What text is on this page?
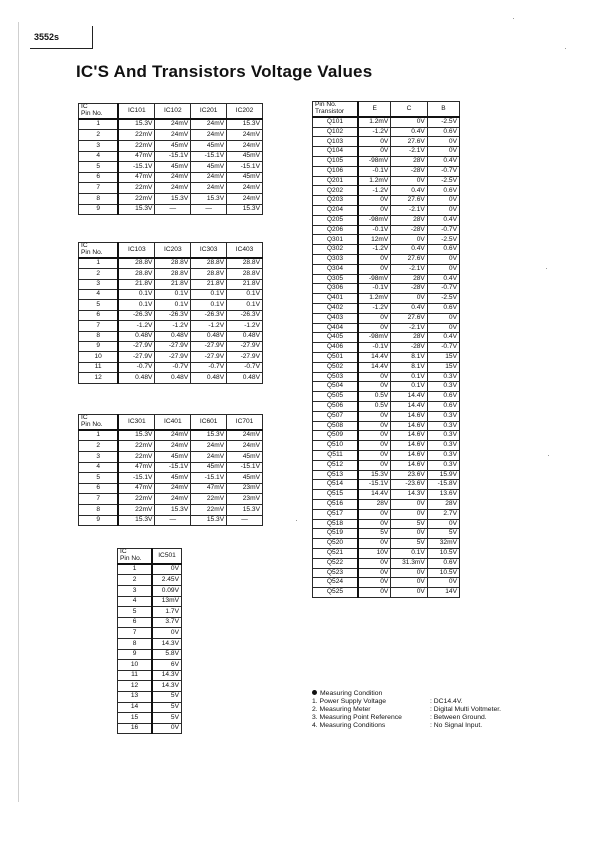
3552s
IC'S And Transistors Voltage Values
IC
Pin No.	IC101	IC102	IC201	IC202
1	15.3V	24mV	24mV	15.3V
2	22mV	24mV	24mV	24mV
3	22mV	45mV	45mV	24mV
4	47mV	-15.1V	-15.1V	45mV
5	-15.1V	45mV	45mV	-15.1V
6	47mV	24mV	24mV	45mV
7	22mV	24mV	24mV	24mV
8	22mV	15.3V	15.3V	24mV
9	15.3V	—	—	15.3V
IC
Pin No.	IC103	IC203	IC303	IC403
1	28.8V	28.8V	28.8V	28.8V
2	28.8V	28.8V	28.8V	28.8V
3	21.8V	21.8V	21.8V	21.8V
4	0.1V	0.1V	0.1V	0.1V
5	0.1V	0.1V	0.1V	0.1V
6	-26.3V	-26.3V	-26.3V	-26.3V
7	-1.2V	-1.2V	-1.2V	-1.2V
8	0.48V	0.48V	0.48V	0.48V
9	-27.9V	-27.9V	-27.9V	-27.9V
10	-27.9V	-27.9V	-27.9V	-27.9V
11	-0.7V	-0.7V	-0.7V	-0.7V
12	0.48V	0.48V	0.48V	0.48V
IC
Pin No.	IC301	IC401	IC601	IC701
1	15.3V	24mV	15.3V	24mV
2	22mV	24mV	24mV	24mV
3	22mV	45mV	24mV	45mV
4	47mV	-15.1V	45mV	-15.1V
5	-15.1V	45mV	-15.1V	45mV
6	47mV	24mV	47mV	23mV
7	22mV	24mV	22mV	23mV
8	22mV	15.3V	22mV	15.3V
9	15.3V	—	15.3V	—
IC
Pin No.	IC501
1	0V
2	2.45V
3	0.09V
4	13mV
5	1.7V
6	3.7V
7	0V
8	14.3V
9	5.8V
10	6V
11	14.3V
12	14.3V
13	5V
14	5V
15	5V
16	0V
Pin No.
Transistor	E	C	B
Q101	1.2mV	0V	-2.5V
Q102	-1.2V	0.4V	0.6V
Q103	0V	27.6V	0V
Q104	0V	-2.1V	0V
Q105	-98mV	28V	0.4V
Q106	-0.1V	-28V	-0.7V
Q201	1.2mV	0V	-2.5V
Q202	-1.2V	0.4V	0.6V
Q203	0V	27.6V	0V
Q204	0V	-2.1V	0V
Q205	-98mV	28V	0.4V
Q206	-0.1V	-28V	-0.7V
Q301	12mV	0V	-2.5V
Q302	-1.2V	0.4V	0.6V
Q303	0V	27.6V	0V
Q304	0V	-2.1V	0V
Q305	-98mV	28V	0.4V
Q306	-0.1V	-28V	-0.7V
Q401	1.2mV	0V	-2.5V
Q402	-1.2V	0.4V	0.6V
Q403	0V	27.6V	0V
Q404	0V	-2.1V	0V
Q405	-98mV	28V	0.4V
Q406	-0.1V	-28V	-0.7V
Q501	14.4V	8.1V	15V
Q502	14.4V	8.1V	15V
Q503	0V	0.1V	0.3V
Q504	0V	0.1V	0.3V
Q505	0.5V	14.4V	0.6V
Q506	0.5V	14.4V	0.6V
Q507	0V	14.6V	0.3V
Q508	0V	14.6V	0.3V
Q509	0V	14.6V	0.3V
Q510	0V	14.6V	0.3V
Q511	0V	14.6V	0.3V
Q512	0V	14.6V	0.3V
Q513	15.3V	23.6V	15.9V
Q514	-15.1V	-23.6V	-15.8V
Q515	14.4V	14.3V	13.6V
Q516	28V	0V	28V
Q517	0V	0V	2.7V
Q518	0V	5V	0V
Q519	5V	0V	5V
Q520	0V	5V	32mV
Q521	10V	0.1V	10.5V
Q522	0V	31.3mV	0.6V
Q523	0V	0V	10.5V
Q524	0V	0V	0V
Q525	0V	0V	14V
Measuring Condition
1. Power Supply Voltage	: DC14.4V.
2. Measuring Meter	: Digital Multi Voltmeter.
3. Measuring Point Reference	: Between Ground.
4. Measuring Conditions	: No Signal Input.
